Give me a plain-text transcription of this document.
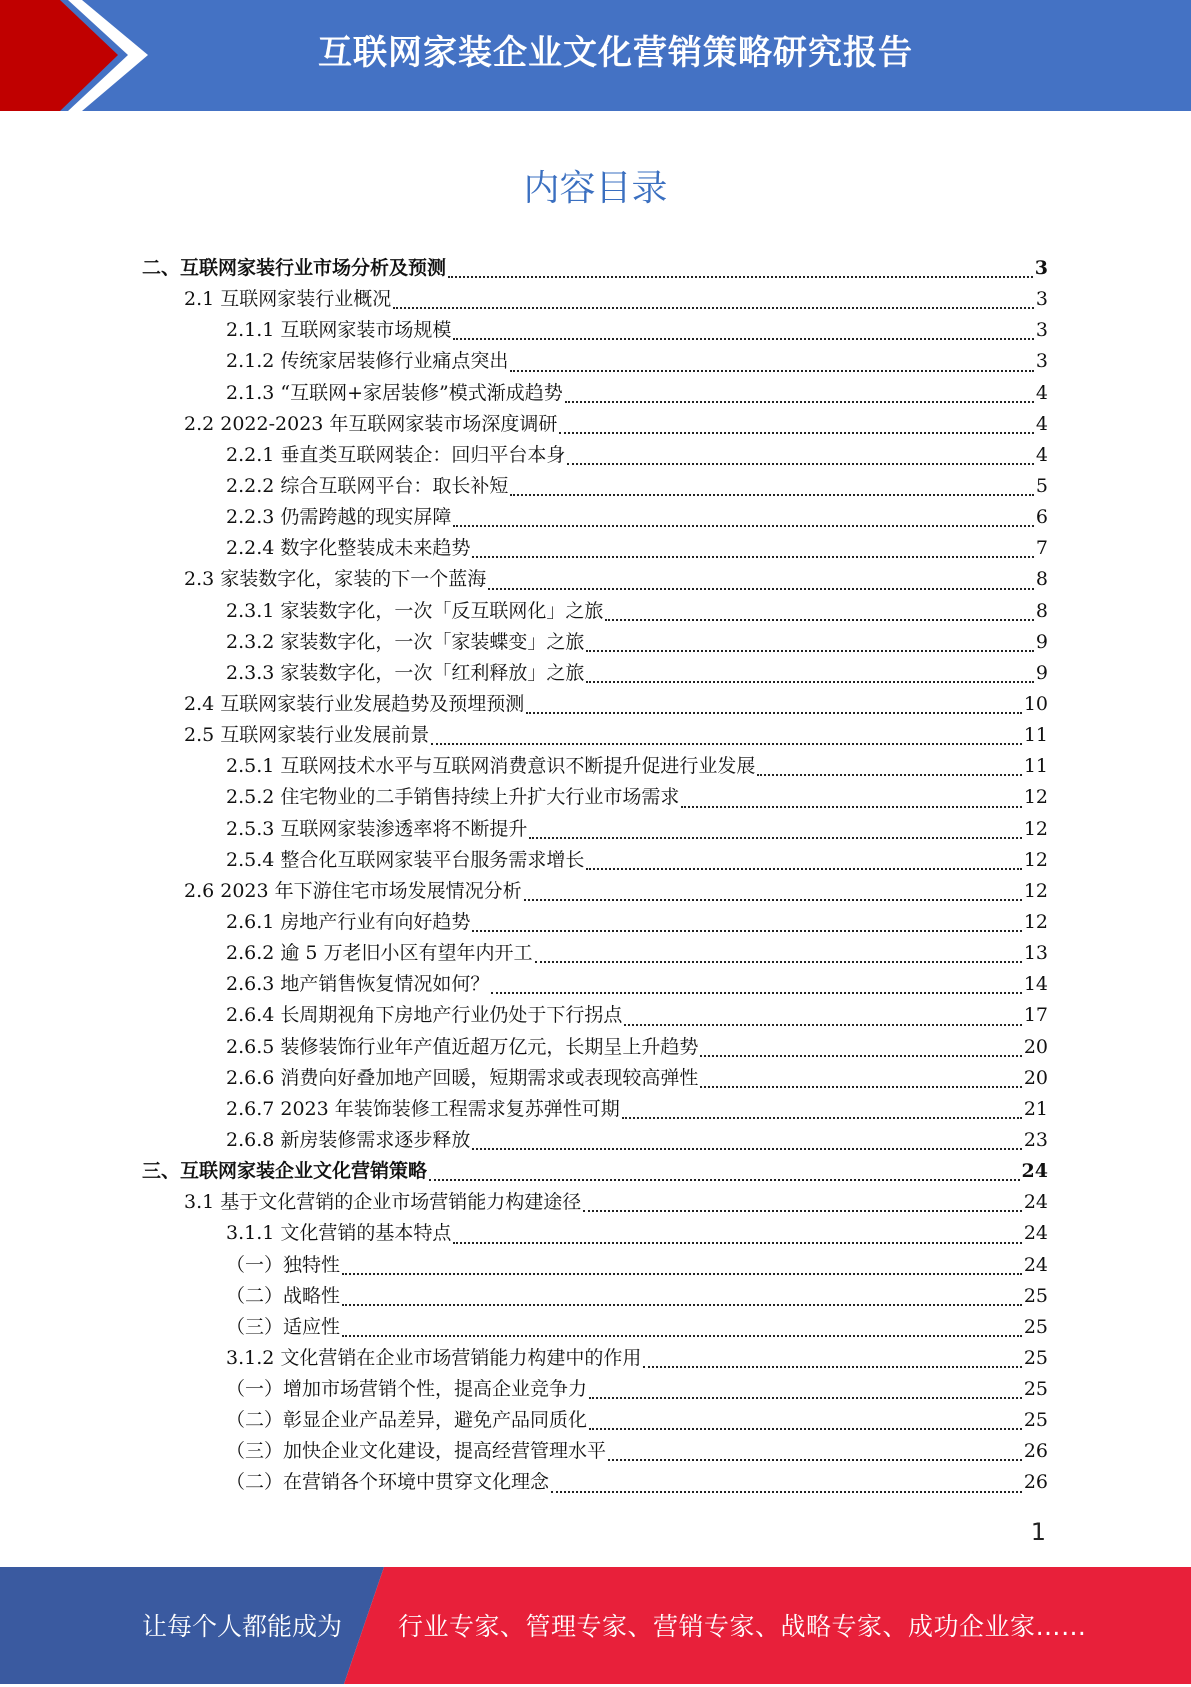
互联网家装企业文化营销策略研究报告
内容目录
二、互联网家装行业市场分析及预测	3
2.1 互联网家装行业概况	3
2.1.1 互联网家装市场规模	3
2.1.2 传统家居装修行业痛点突出	3
2.1.3 “互联网+家居装修”模式渐成趋势	4
2.2 2022-2023 年互联网家装市场深度调研	4
2.2.1 垂直类互联网装企：回归平台本身	4
2.2.2 综合互联网平台：取长补短	5
2.2.3 仍需跨越的现实屏障	6
2.2.4 数字化整装成未来趋势	7
2.3 家装数字化，家装的下一个蓝海	8
2.3.1 家装数字化，一次「反互联网化」之旅	8
2.3.2 家装数字化，一次「家装蝶变」之旅	9
2.3.3 家装数字化，一次「红利释放」之旅	9
2.4 互联网家装行业发展趋势及预埋预测	10
2.5 互联网家装行业发展前景	11
2.5.1 互联网技术水平与互联网消费意识不断提升促进行业发展	11
2.5.2 住宅物业的二手销售持续上升扩大行业市场需求	12
2.5.3 互联网家装渗透率将不断提升	12
2.5.4 整合化互联网家装平台服务需求增长	12
2.6 2023 年下游住宅市场发展情况分析	12
2.6.1 房地产行业有向好趋势	12
2.6.2 逾 5 万老旧小区有望年内开工	13
2.6.3 地产销售恢复情况如何？	14
2.6.4 长周期视角下房地产行业仍处于下行拐点	17
2.6.5 装修装饰行业年产值近超万亿元，长期呈上升趋势	20
2.6.6 消费向好叠加地产回暖，短期需求或表现较高弹性	20
2.6.7 2023 年装饰装修工程需求复苏弹性可期	21
2.6.8 新房装修需求逐步释放	23
三、互联网家装企业文化营销策略	24
3.1 基于文化营销的企业市场营销能力构建途径	24
3.1.1 文化营销的基本特点	24
（一）独特性	24
（二）战略性	25
（三）适应性	25
3.1.2 文化营销在企业市场营销能力构建中的作用	25
（一）增加市场营销个性，提高企业竞争力	25
（二）彰显企业产品差异，避免产品同质化	25
（三）加快企业文化建设，提高经营管理水平	26
（二）在营销各个环境中贯穿文化理念	26
1
让每个人都能成为 行业专家、管理专家、营销专家、战略专家、成功企业家……
